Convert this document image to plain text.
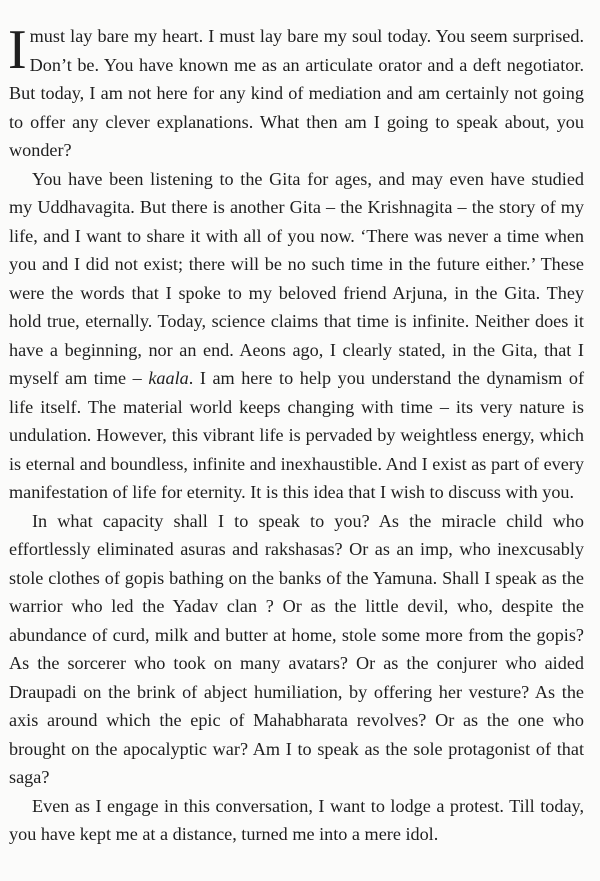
Imust lay bare my heart. I must lay bare my soul today. You seem surprised. Don’t be. You have known me as an articulate orator and a deft negotiator. But today, I am not here for any kind of mediation and am certainly not going to offer any clever explanations. What then am I going to speak about, you wonder?

You have been listening to the Gita for ages, and may even have studied my Uddhavagita. But there is another Gita – the Krishnagita – the story of my life, and I want to share it with all of you now. ‘There was never a time when you and I did not exist; there will be no such time in the future either.’ These were the words that I spoke to my beloved friend Arjuna, in the Gita. They hold true, eternally. Today, science claims that time is infinite. Neither does it have a beginning, nor an end. Aeons ago, I clearly stated, in the Gita, that I myself am time – kaala. I am here to help you understand the dynamism of life itself. The material world keeps changing with time – its very nature is undulation. However, this vibrant life is pervaded by weightless energy, which is eternal and boundless, infinite and inexhaustible. And I exist as part of every manifestation of life for eternity. It is this idea that I wish to discuss with you.

In what capacity shall I to speak to you? As the miracle child who effortlessly eliminated asuras and rakshasas? Or as an imp, who inexcusably stole clothes of gopis bathing on the banks of the Yamuna. Shall I speak as the warrior who led the Yadav clan ? Or as the little devil, who, despite the abundance of curd, milk and butter at home, stole some more from the gopis? As the sorcerer who took on many avatars? Or as the conjurer who aided Draupadi on the brink of abject humiliation, by offering her vesture? As the axis around which the epic of Mahabharata revolves? Or as the one who brought on the apocalyptic war? Am I to speak as the sole protagonist of that saga?

Even as I engage in this conversation, I want to lodge a protest. Till today, you have kept me at a distance, turned me into a mere idol.
